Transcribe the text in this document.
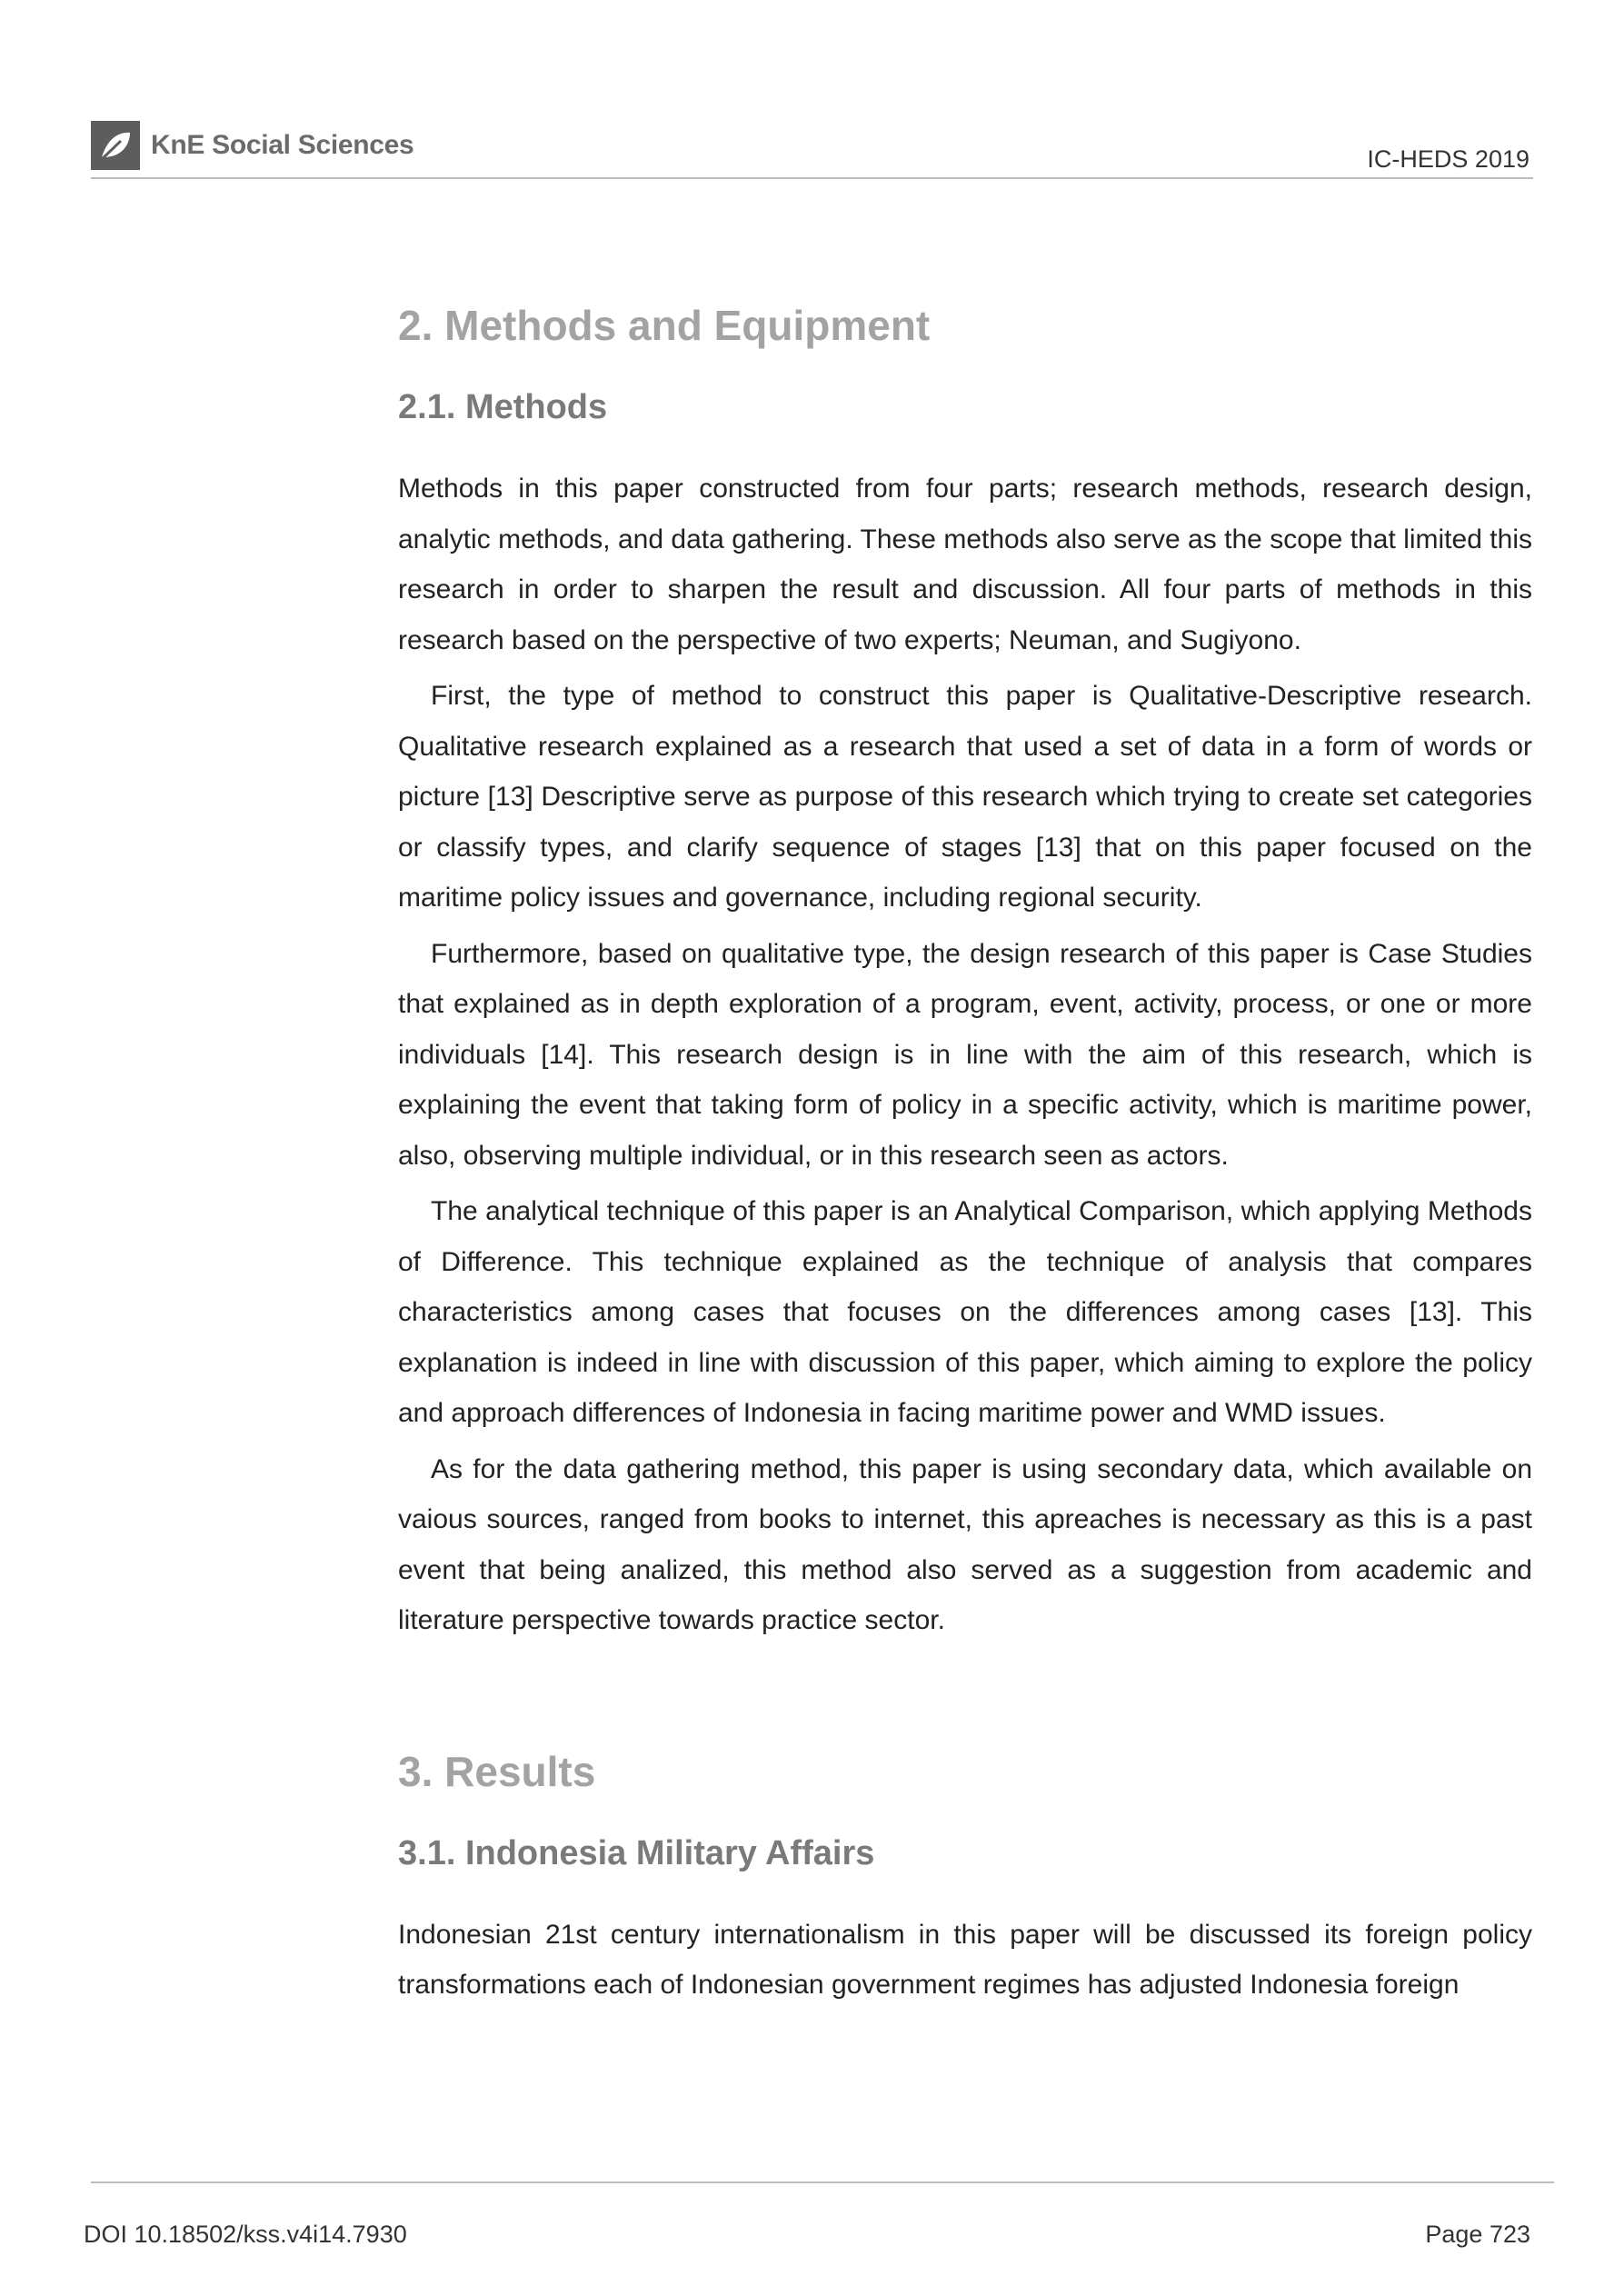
KnE Social Sciences	IC-HEDS 2019
2. Methods and Equipment
2.1. Methods

Methods in this paper constructed from four parts; research methods, research design, analytic methods, and data gathering. These methods also serve as the scope that limited this research in order to sharpen the result and discussion. All four parts of methods in this research based on the perspective of two experts; Neuman, and Sugiyono.

First, the type of method to construct this paper is Qualitative-Descriptive research. Qualitative research explained as a research that used a set of data in a form of words or picture [13] Descriptive serve as purpose of this research which trying to create set categories or classify types, and clarify sequence of stages [13] that on this paper focused on the maritime policy issues and governance, including regional security.

Furthermore, based on qualitative type, the design research of this paper is Case Studies that explained as in depth exploration of a program, event, activity, process, or one or more individuals [14]. This research design is in line with the aim of this research, which is explaining the event that taking form of policy in a specific activity, which is maritime power, also, observing multiple individual, or in this research seen as actors.

The analytical technique of this paper is an Analytical Comparison, which applying Methods of Difference. This technique explained as the technique of analysis that compares characteristics among cases that focuses on the differences among cases [13]. This explanation is indeed in line with discussion of this paper, which aiming to explore the policy and approach differences of Indonesia in facing maritime power and WMD issues.

As for the data gathering method, this paper is using secondary data, which available on vaious sources, ranged from books to internet, this apreaches is necessary as this is a past event that being analized, this method also served as a suggestion from academic and literature perspective towards practice sector.

3. Results
3.1. Indonesia Military Affairs

Indonesian 21st century internationalism in this paper will be discussed its foreign policy transformations each of Indonesian government regimes has adjusted Indonesia foreign

DOI 10.18502/kss.v4i14.7930	Page 723
